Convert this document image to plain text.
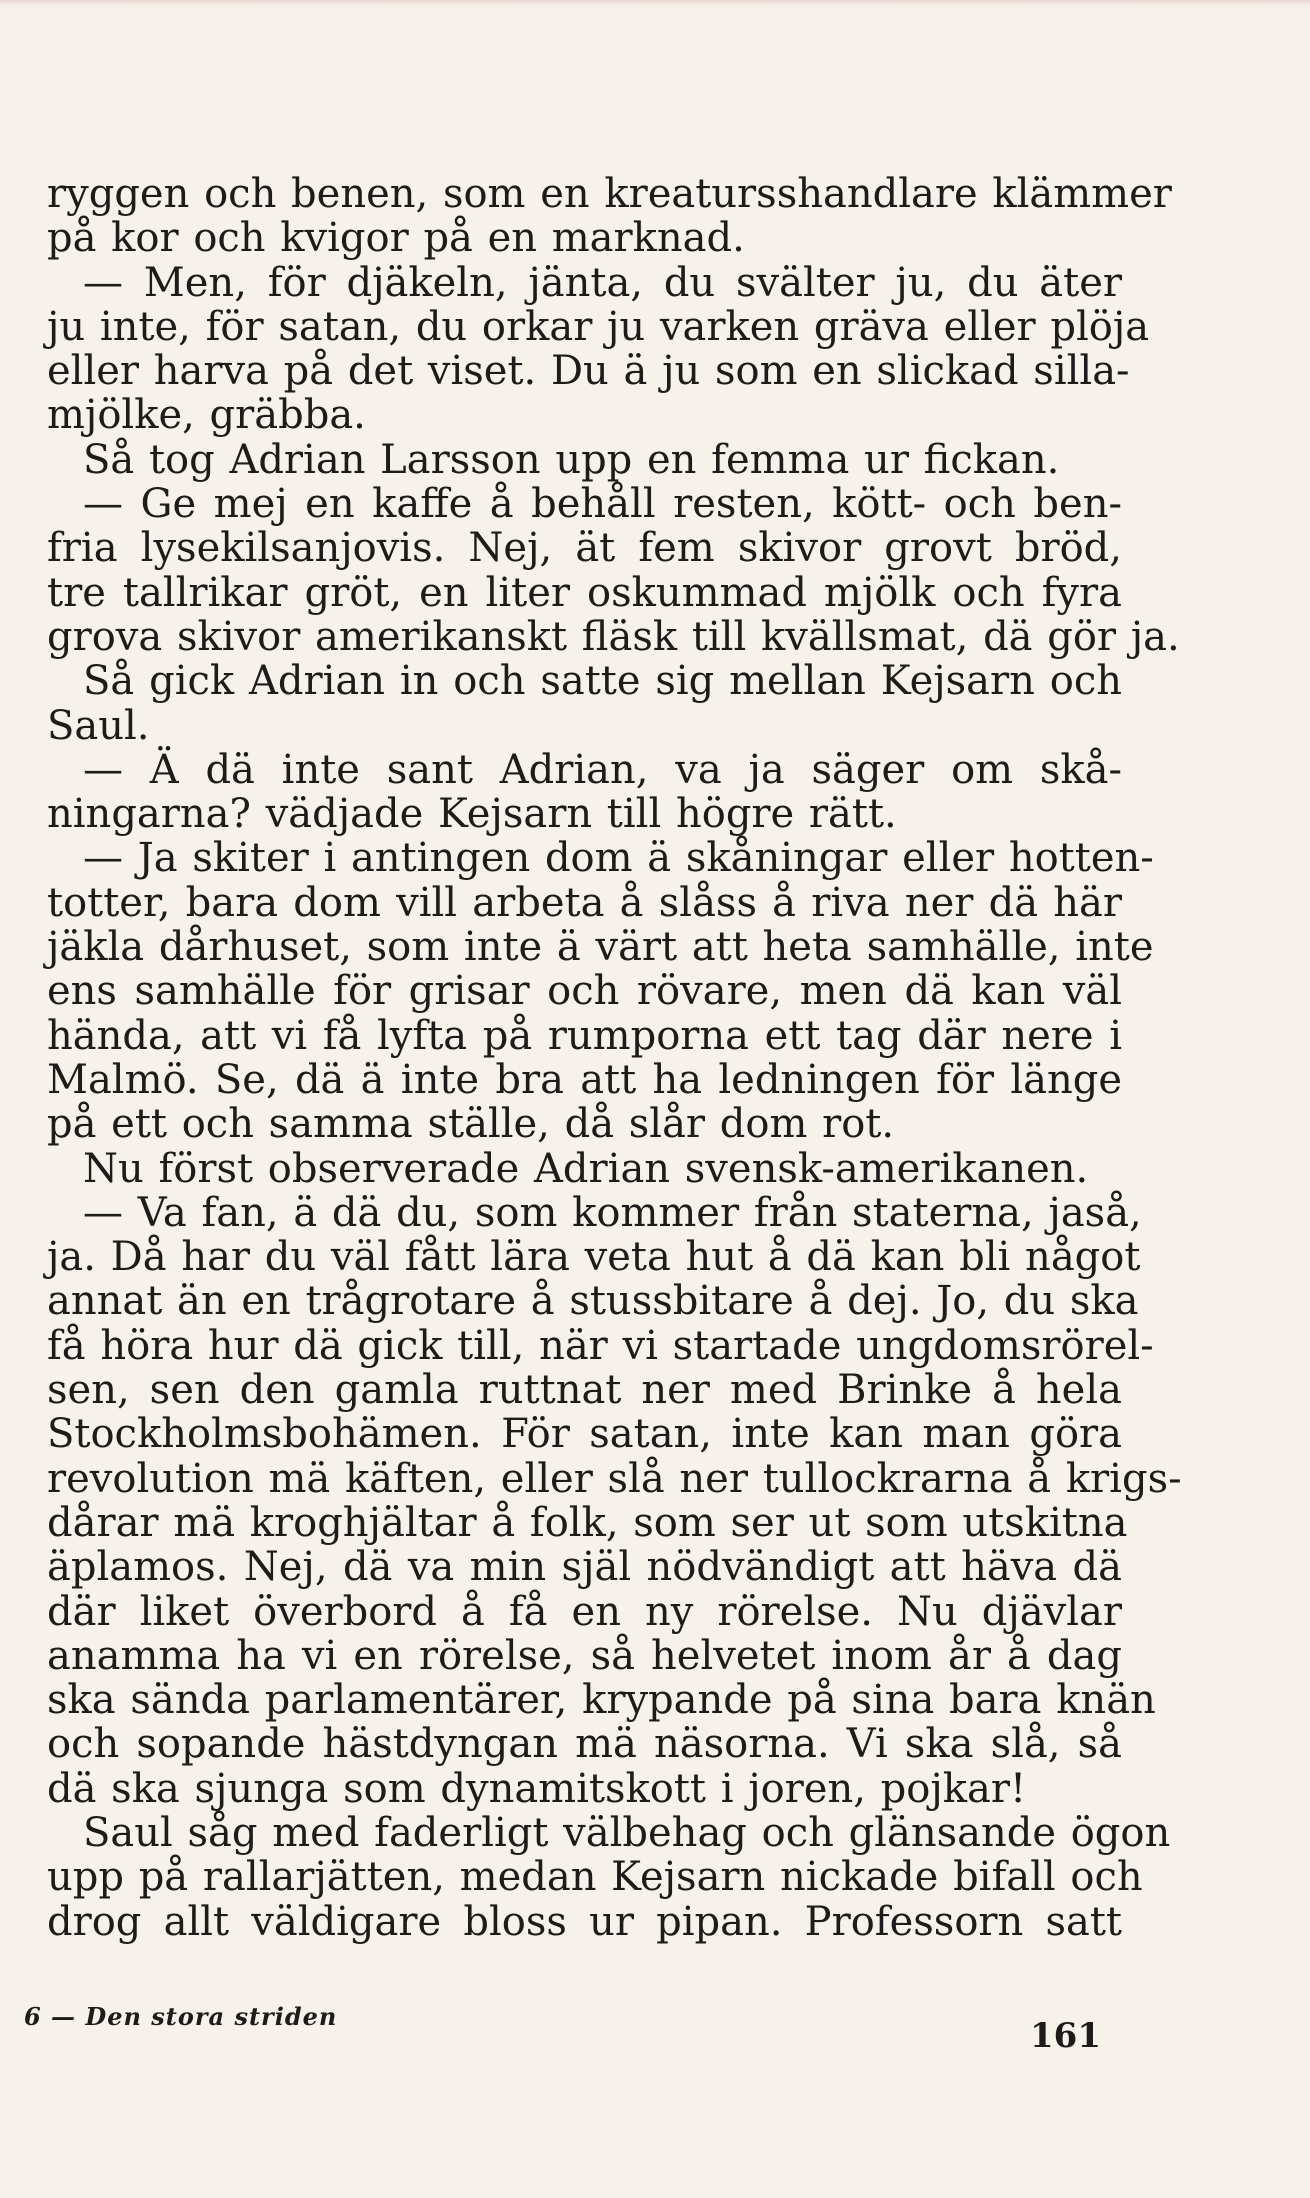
ryggen och benen, som en kreatursshandlare klämmer
på kor och kvigor på en marknad.
— Men, för djäkeln, jänta, du svälter ju, du äter
ju inte, för satan, du orkar ju varken gräva eller plöja
eller harva på det viset. Du ä ju som en slickad silla-
mjölke, gräbba.
Så tog Adrian Larsson upp en femma ur fickan.
— Ge mej en kaffe å behåll resten, kött- och ben-
fria lysekilsanjovis. Nej, ät fem skivor grovt bröd,
tre tallrikar gröt, en liter oskummad mjölk och fyra
grova skivor amerikanskt fläsk till kvällsmat, dä gör ja.
Så gick Adrian in och satte sig mellan Kejsarn och
Saul.
— Ä dä inte sant Adrian, va ja säger om skå-
ningarna? vädjade Kejsarn till högre rätt.
— Ja skiter i antingen dom ä skåningar eller hotten-
totter, bara dom vill arbeta å slåss å riva ner dä här
jäkla dårhuset, som inte ä värt att heta samhälle, inte
ens samhälle för grisar och rövare, men dä kan väl
hända, att vi få lyfta på rumporna ett tag där nere i
Malmö. Se, dä ä inte bra att ha ledningen för länge
på ett och samma ställe, då slår dom rot.
Nu först observerade Adrian svensk-amerikanen.
— Va fan, ä dä du, som kommer från staterna, jaså,
ja. Då har du väl fått lära veta hut å dä kan bli något
annat än en trågrotare å stussbitare å dej. Jo, du ska
få höra hur dä gick till, när vi startade ungdomsrörel-
sen, sen den gamla ruttnat ner med Brinke å hela
Stockholmsbohämen. För satan, inte kan man göra
revolution mä käften, eller slå ner tullockrarna å krigs-
dårar mä kroghjältar å folk, som ser ut som utskitna
äplamos. Nej, dä va min själ nödvändigt att häva dä
där liket överbord å få en ny rörelse. Nu djävlar
anamma ha vi en rörelse, så helvetet inom år å dag
ska sända parlamentärer, krypande på sina bara knän
och sopande hästdyngan mä näsorna. Vi ska slå, så
dä ska sjunga som dynamitskott i joren, pojkar!
Saul såg med faderligt välbehag och glänsande ögon
upp på rallarjätten, medan Kejsarn nickade bifall och
drog allt väldigare bloss ur pipan. Professorn satt
6 — Den stora striden	161
